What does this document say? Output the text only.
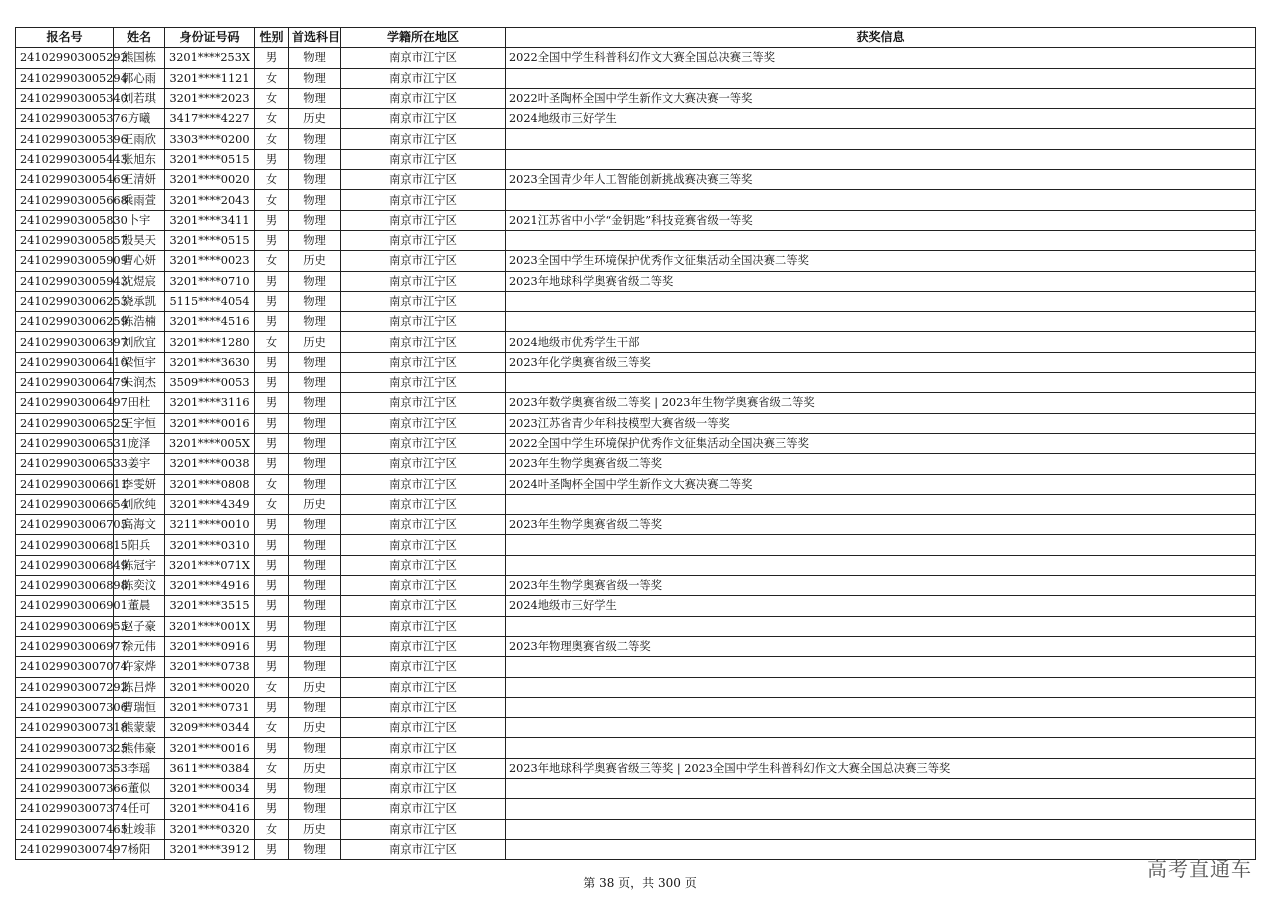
报名号	姓名	身份证号码	性别	首选科目	学籍所在地区	获奖信息
241029903005292	熊国栋	3201****253X	男	物理	南京市江宁区	2022全国中学生科普科幻作文大赛全国总决赛三等奖
241029903005294	郭心雨	3201****1121	女	物理	南京市江宁区	
241029903005340	刘若琪	3201****2023	女	物理	南京市江宁区	2022叶圣陶杯全国中学生新作文大赛决赛一等奖
241029903005376	方曦	3417****4227	女	历史	南京市江宁区	2024地级市三好学生
241029903005396	王雨欣	3303****0200	女	物理	南京市江宁区	
241029903005443	张旭东	3201****0515	男	物理	南京市江宁区	
241029903005469	王清妍	3201****0020	女	物理	南京市江宁区	2023全国青少年人工智能创新挑战赛决赛三等奖
241029903005668	乘雨萱	3201****2043	女	物理	南京市江宁区	
241029903005830	卜宇	3201****3411	男	物理	南京市江宁区	2021江苏省中小学“金钥匙”科技竞赛省级一等奖
241029903005857	殷昊天	3201****0515	男	物理	南京市江宁区	
241029903005909	曹心妍	3201****0023	女	历史	南京市江宁区	2023全国中学生环境保护优秀作文征集活动全国决赛二等奖
241029903005943	沈煜宸	3201****0710	男	物理	南京市江宁区	2023年地球科学奥赛省级二等奖
241029903006253	饶承凯	5115****4054	男	物理	南京市江宁区	
241029903006259	陈浩楠	3201****4516	男	物理	南京市江宁区	
241029903006397	刘欣宜	3201****1280	女	历史	南京市江宁区	2024地级市优秀学生干部
241029903006410	梁恒宇	3201****3630	男	物理	南京市江宁区	2023年化学奥赛省级三等奖
241029903006479	朱润杰	3509****0053	男	物理	南京市江宁区	
241029903006497	田杜	3201****3116	男	物理	南京市江宁区	2023年数学奥赛省级二等奖 | 2023年生物学奥赛省级二等奖
241029903006525	王宇恒	3201****0016	男	物理	南京市江宁区	2023江苏省青少年科技模型大赛省级一等奖
241029903006531	庞泽	3201****005X	男	物理	南京市江宁区	2022全国中学生环境保护优秀作文征集活动全国决赛三等奖
241029903006533	姜宇	3201****0038	男	物理	南京市江宁区	2023年生物学奥赛省级二等奖
241029903006611	李雯妍	3201****0808	女	物理	南京市江宁区	2024叶圣陶杯全国中学生新作文大赛决赛二等奖
241029903006654	刘欣纯	3201****4349	女	历史	南京市江宁区	
241029903006705	高海文	3211****0010	男	物理	南京市江宁区	2023年生物学奥赛省级二等奖
241029903006815	阳兵	3201****0310	男	物理	南京市江宁区	
241029903006849	陈冠宇	3201****071X	男	物理	南京市江宁区	
241029903006898	陈奕汶	3201****4916	男	物理	南京市江宁区	2023年生物学奥赛省级一等奖
241029903006901	董晨	3201****3515	男	物理	南京市江宁区	2024地级市三好学生
241029903006955	赵子豪	3201****001X	男	物理	南京市江宁区	
241029903006977	徐元伟	3201****0916	男	物理	南京市江宁区	2023年物理奥赛省级二等奖
241029903007074	许家烨	3201****0738	男	物理	南京市江宁区	
241029903007292	陈吕烨	3201****0020	女	历史	南京市江宁区	
241029903007306	曹瑞恒	3201****0731	男	物理	南京市江宁区	
241029903007318	熊蒙蒙	3209****0344	女	历史	南京市江宁区	
241029903007325	熊伟豪	3201****0016	男	物理	南京市江宁区	
241029903007353	李瑶	3611****0384	女	历史	南京市江宁区	2023年地球科学奥赛省级三等奖 | 2023全国中学生科普科幻作文大赛全国总决赛三等奖
241029903007366	董似	3201****0034	男	物理	南京市江宁区	
241029903007374	任可	3201****0416	男	物理	南京市江宁区	
241029903007465	杜竣菲	3201****0320	女	历史	南京市江宁区	
241029903007497	杨阳	3201****3912	男	物理	南京市江宁区	
第 38 页，共 300 页
高考直通车
